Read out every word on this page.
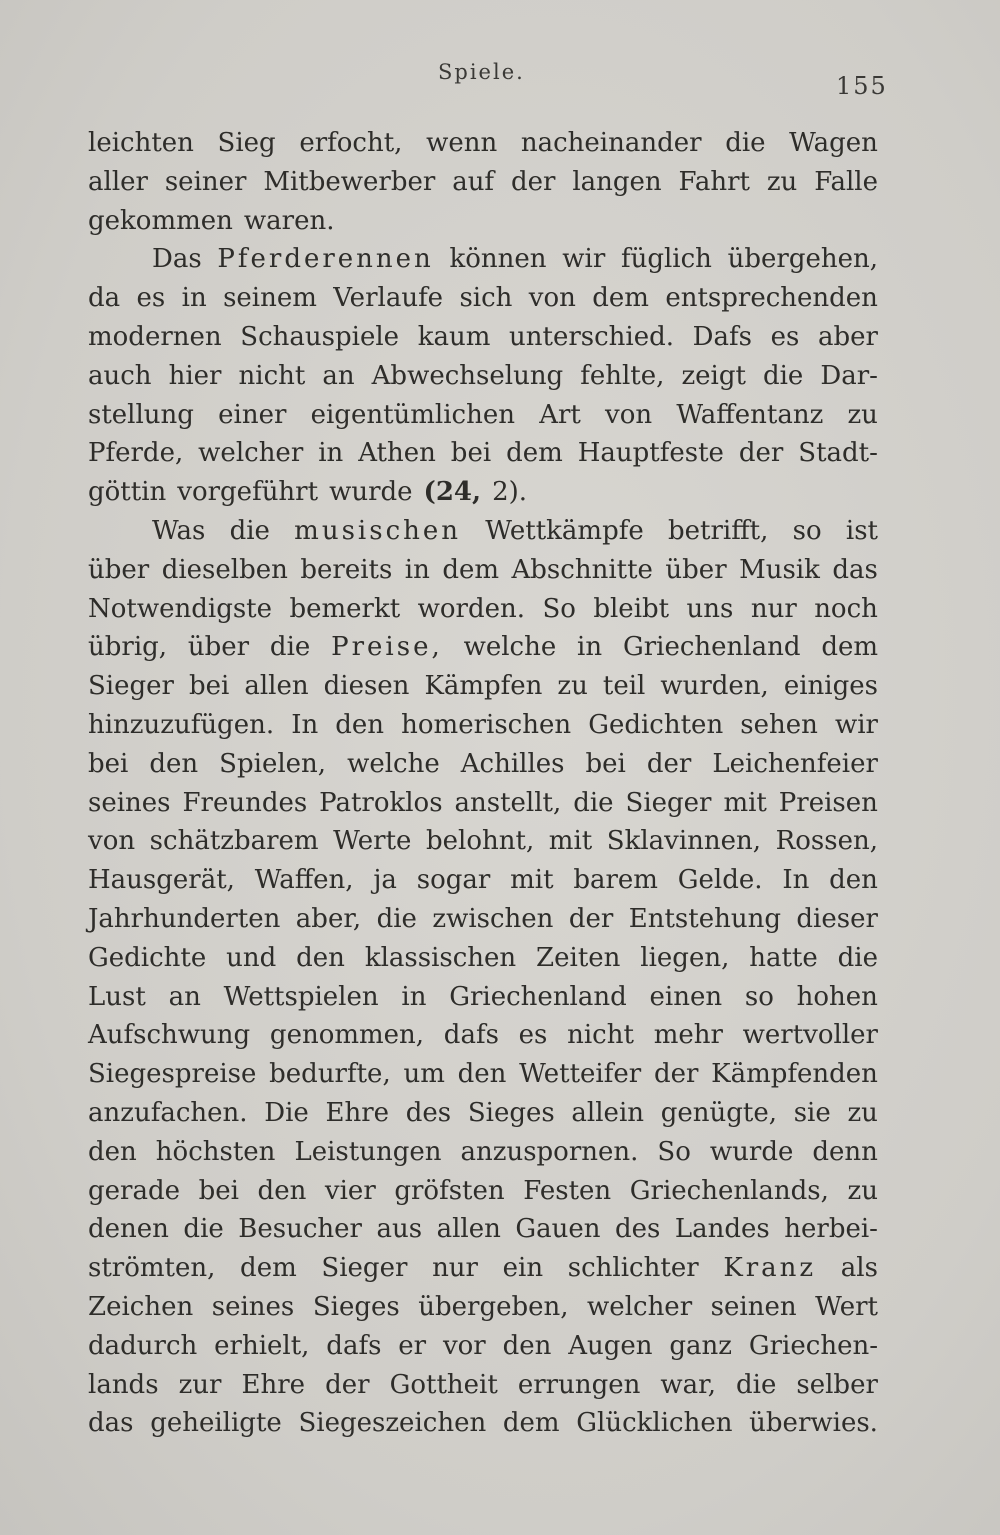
Spiele.	155
leichten Sieg erfocht, wenn nacheinander die Wagen
aller seiner Mitbewerber auf der langen Fahrt zu Falle
gekommen waren.
Das Pferderennen können wir füglich übergehen,
da es in seinem Verlaufe sich von dem entsprechenden
modernen Schauspiele kaum unterschied. Dafs es aber
auch hier nicht an Abwechselung fehlte, zeigt die Dar-
stellung einer eigentümlichen Art von Waffentanz zu
Pferde, welcher in Athen bei dem Hauptfeste der Stadt-
göttin vorgeführt wurde (24, 2).
Was die musischen Wettkämpfe betrifft, so ist
über dieselben bereits in dem Abschnitte über Musik das
Notwendigste bemerkt worden. So bleibt uns nur noch
übrig, über die Preise, welche in Griechenland dem
Sieger bei allen diesen Kämpfen zu teil wurden, einiges
hinzuzufügen. In den homerischen Gedichten sehen wir
bei den Spielen, welche Achilles bei der Leichenfeier
seines Freundes Patroklos anstellt, die Sieger mit Preisen
von schätzbarem Werte belohnt, mit Sklavinnen, Rossen,
Hausgerät, Waffen, ja sogar mit barem Gelde. In den
Jahrhunderten aber, die zwischen der Entstehung dieser
Gedichte und den klassischen Zeiten liegen, hatte die
Lust an Wettspielen in Griechenland einen so hohen
Aufschwung genommen, dafs es nicht mehr wertvoller
Siegespreise bedurfte, um den Wetteifer der Kämpfenden
anzufachen. Die Ehre des Sieges allein genügte, sie zu
den höchsten Leistungen anzuspornen. So wurde denn
gerade bei den vier gröfsten Festen Griechenlands, zu
denen die Besucher aus allen Gauen des Landes herbei-
strömten, dem Sieger nur ein schlichter Kranz als
Zeichen seines Sieges übergeben, welcher seinen Wert
dadurch erhielt, dafs er vor den Augen ganz Griechen-
lands zur Ehre der Gottheit errungen war, die selber
das geheiligte Siegeszeichen dem Glücklichen überwies.
